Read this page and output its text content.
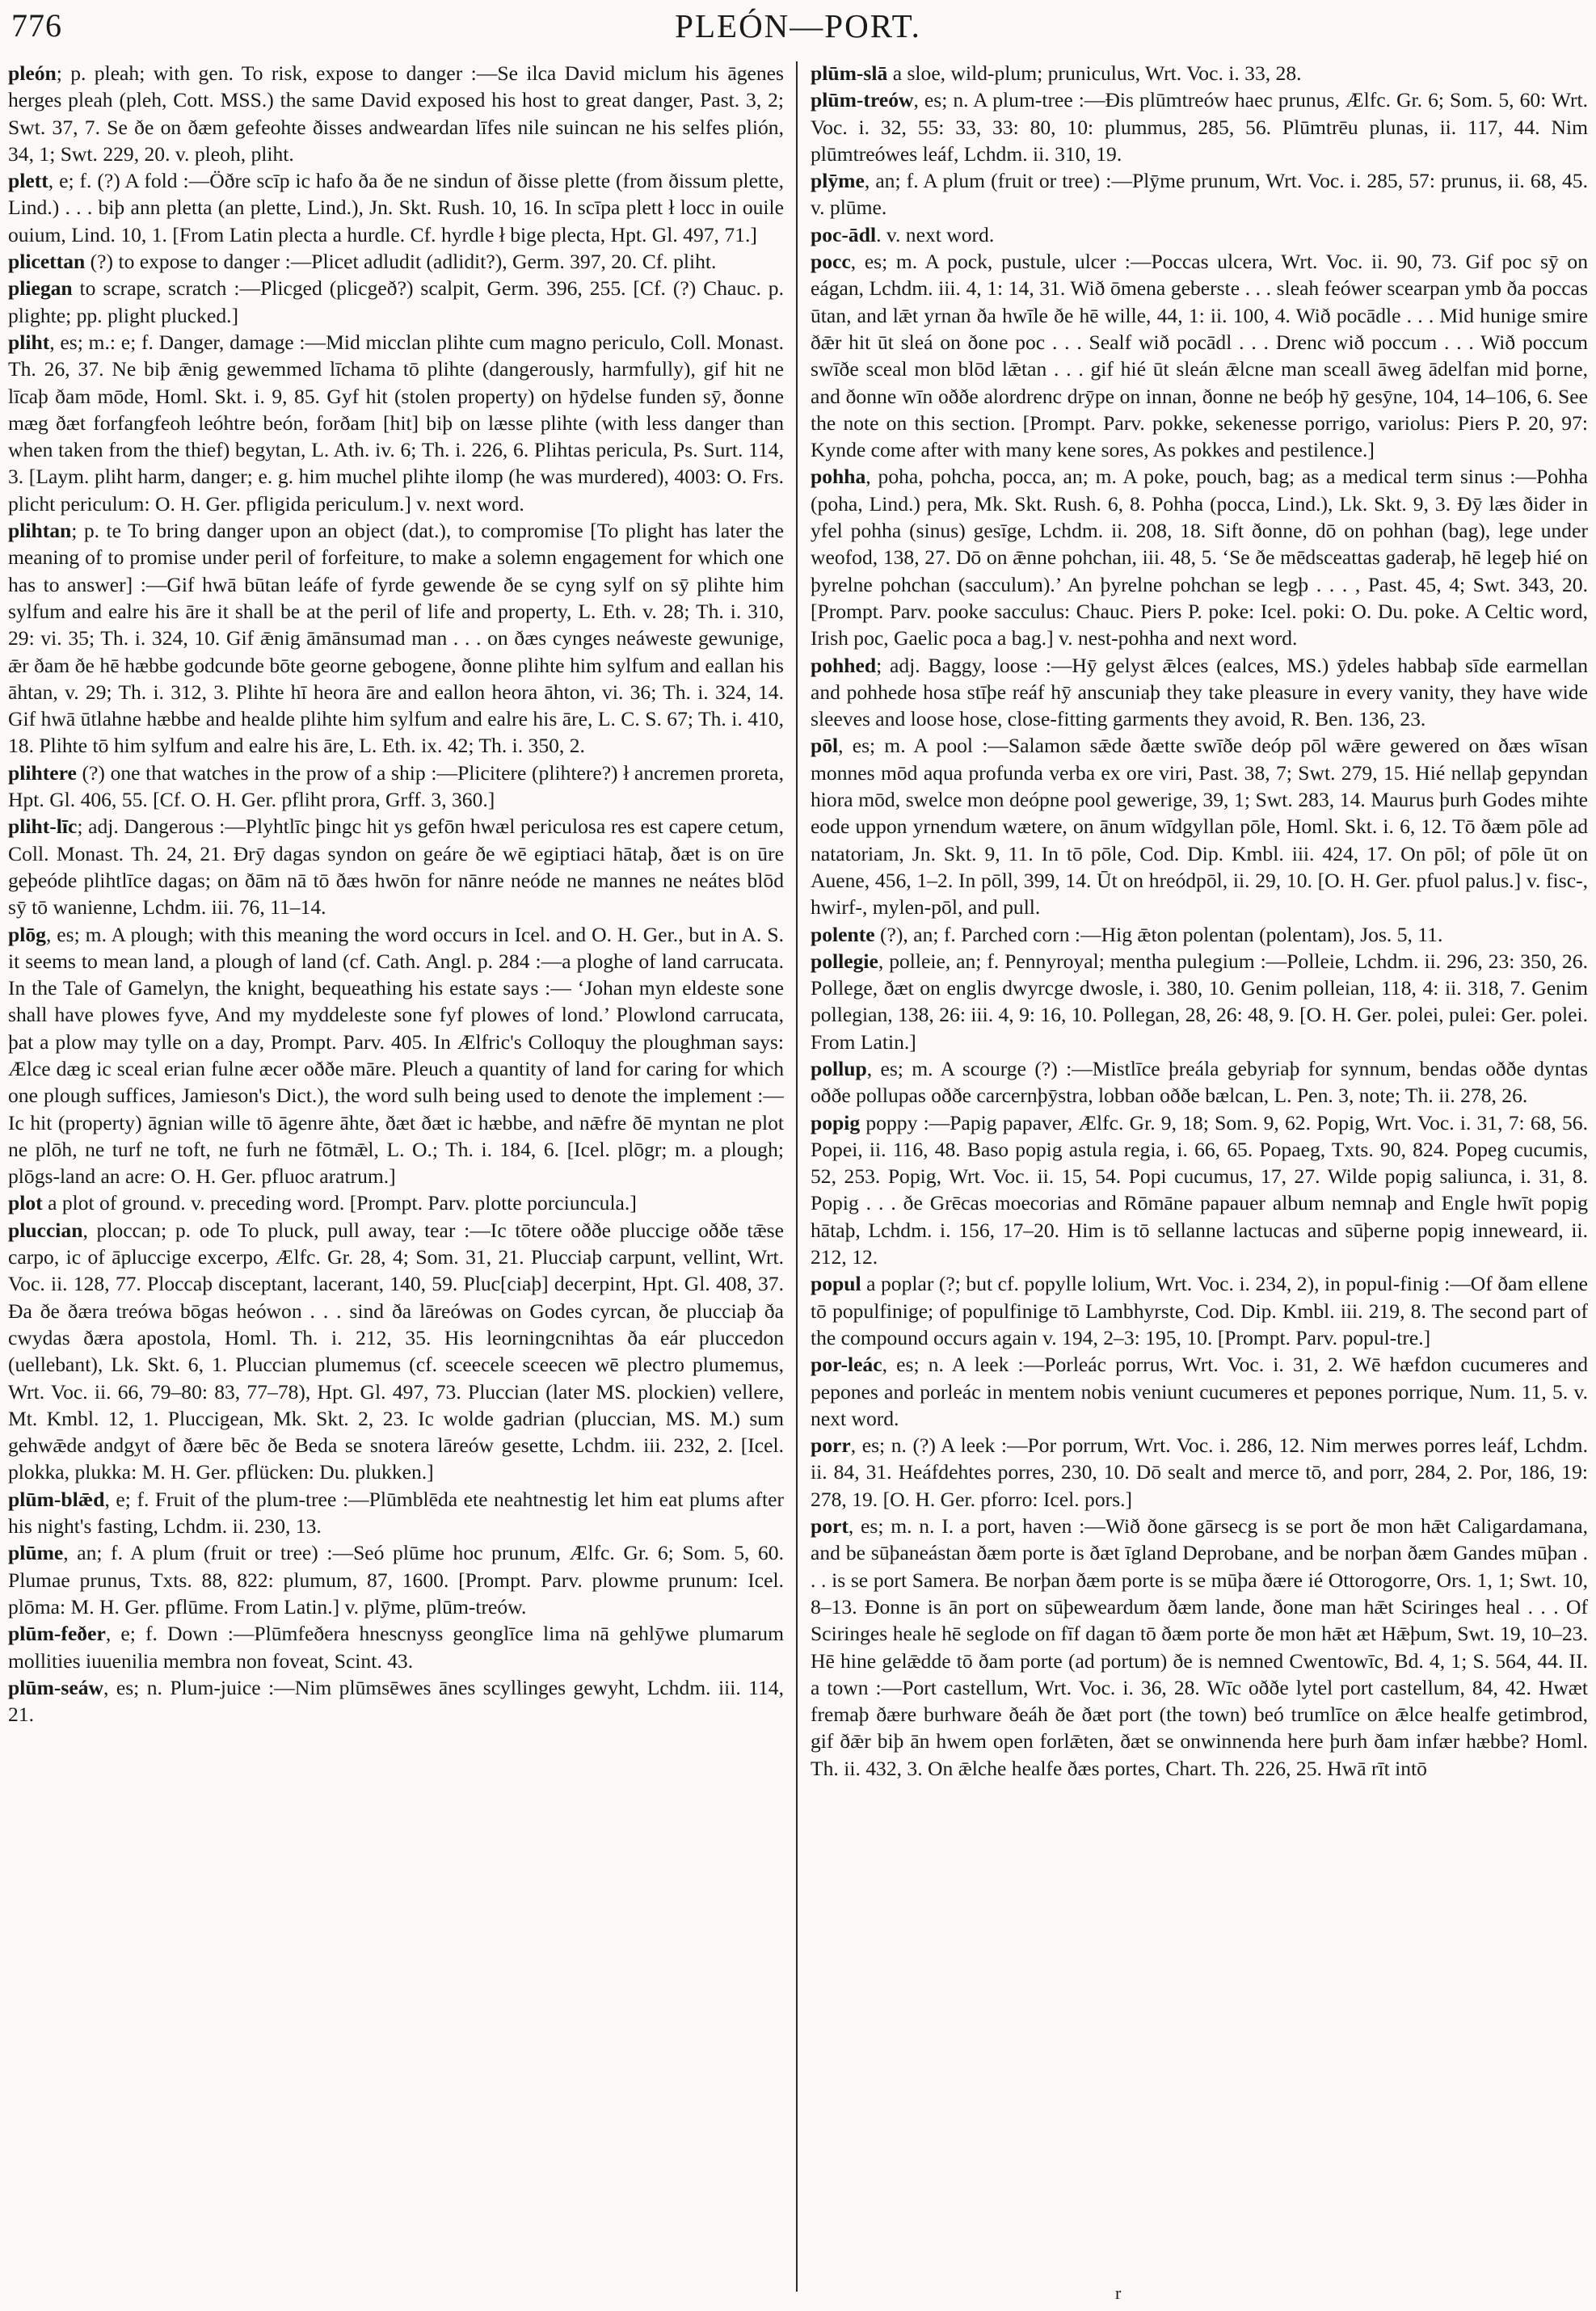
776	PLEÓN—PORT.

pleón; p. pleah; with gen. To risk, expose to danger :—Se ilca David miclum his āgenes herges pleah (pleh, Cott. MSS.) the same David exposed his host to great danger, Past. 3, 2; Swt. 37, 7. Se ðe on ðæm gefeohte ðisses andweardan līfes nile suincan ne his selfes plión, 34, 1; Swt. 229, 20. v. pleoh, pliht.

plett, e; f. (?) A fold :—Öðre scīp ic hafo ða ðe ne sindun of ðisse plette (from ðissum plette, Lind.) . . . biþ ann pletta (an plette, Lind.), Jn. Skt. Rush. 10, 16. In scīpa plett ł locc in ouile ouium, Lind. 10, 1. [From Latin plecta a hurdle. Cf. hyrdle ł bige plecta, Hpt. Gl. 497, 71.]

plicettan (?) to expose to danger :—Plicet adludit (adlidit?), Germ. 397, 20. Cf. pliht.

pliegan to scrape, scratch :—Plicged (plicgeð?) scalpit, Germ. 396, 255. [Cf. (?) Chauc. p. plighte; pp. plight plucked.]

pliht, es; m.: e; f. Danger, damage :—Mid micclan plihte cum magno periculo, Coll. Monast. Th. 26, 37. Ne biþ ǣnig gewemmed līchama tō plihte (dangerously, harmfully), gif hit ne līcaþ ðam mōde, Homl. Skt. i. 9, 85. Gyf hit (stolen property) on hȳdelse funden sȳ, ðonne mæg ðæt forfangfeoh leóhtre beón, forðam [hit] biþ on læsse plihte (with less danger than when taken from the thief) begytan, L. Ath. iv. 6; Th. i. 226, 6. Plihtas pericula, Ps. Surt. 114, 3. [Laym. pliht harm, danger; e. g. him muchel plihte ilomp (he was murdered), 4003: O. Frs. plicht periculum: O. H. Ger. pfligida periculum.] v. next word.

plihtan; p. te To bring danger upon an object (dat.), to compromise [To plight has later the meaning of to promise under peril of forfeiture, to make a solemn engagement for which one has to answer] :—Gif hwā būtan leáfe of fyrde gewende ðe se cyng sylf on sȳ plihte him sylfum and ealre his āre it shall be at the peril of life and property, L. Eth. v. 28; Th. i. 310, 29: vi. 35; Th. i. 324, 10. Gif ǣnig āmānsumad man . . . on ðæs cynges neáweste gewunige, ǣr ðam ðe hē hæbbe godcunde bōte georne gebogene, ðonne plihte him sylfum and eallan his āhtan, v. 29; Th. i. 312, 3. Plihte hī heora āre and eallon heora āhton, vi. 36; Th. i. 324, 14. Gif hwā ūtlahne hæbbe and healde plihte him sylfum and ealre his āre, L. C. S. 67; Th. i. 410, 18. Plihte tō him sylfum and ealre his āre, L. Eth. ix. 42; Th. i. 350, 2.

plihtere (?) one that watches in the prow of a ship :—Plicitere (plihtere?) ł ancremen proreta, Hpt. Gl. 406, 55. [Cf. O. H. Ger. pfliht prora, Grff. 3, 360.]

pliht-līc; adj. Dangerous :—Plyhtlīc þingc hit ys gefōn hwæl periculosa res est capere cetum, Coll. Monast. Th. 24, 21. Ðrȳ dagas syndon on geáre ðe wē egiptiaci hātaþ, ðæt is on ūre geþeóde plihtlīce dagas; on ðām nā tō ðæs hwōn for nānre neóde ne mannes ne neátes blōd sȳ tō wanienne, Lchdm. iii. 76, 11–14.

plōg, es; m. A plough; with this meaning the word occurs in Icel. and O. H. Ger., but in A. S. it seems to mean land, a plough of land (cf. Cath. Angl. p. 284 :—a ploghe of land carrucata. In the Tale of Gamelyn, the knight, bequeathing his estate says :— ‘Johan myn eldeste sone shall have plowes fyve, And my myddeleste sone fyf plowes of lond.’ Plowlond carrucata, þat a plow may tylle on a day, Prompt. Parv. 405. In Ælfric's Colloquy the ploughman says: Ælce dæg ic sceal erian fulne æcer oððe māre. Pleuch a quantity of land for caring for which one plough suffices, Jamieson's Dict.), the word sulh being used to denote the implement :—Ic hit (property) āgnian wille tō āgenre āhte, ðæt ðæt ic hæbbe, and nǣfre ðē myntan ne plot ne plōh, ne turf ne toft, ne furh ne fōtmǣl, L. O.; Th. i. 184, 6. [Icel. plōgr; m. a plough; plōgs-land an acre: O. H. Ger. pfluoc aratrum.]

plot a plot of ground. v. preceding word. [Prompt. Parv. plotte porciuncula.]

pluccian, ploccan; p. ode To pluck, pull away, tear :—Ic tōtere oððe pluccige oððe tǣse carpo, ic of āpluccige excerpo, Ælfc. Gr. 28, 4; Som. 31, 21. Plucciaþ carpunt, vellint, Wrt. Voc. ii. 128, 77. Ploccaþ disceptant, lacerant, 140, 59. Pluc[ciaþ] decerpint, Hpt. Gl. 408, 37. Ða ðe ðæra treówa bōgas heówon . . . sind ða lāreówas on Godes cyrcan, ðe plucciaþ ða cwydas ðæra apostola, Homl. Th. i. 212, 35. His leorningcnihtas ða eár pluccedon (uellebant), Lk. Skt. 6, 1. Pluccian plumemus (cf. sceecele sceecen wē plectro plumemus, Wrt. Voc. ii. 66, 79–80: 83, 77–78), Hpt. Gl. 497, 73. Pluccian (later MS. plockien) vellere, Mt. Kmbl. 12, 1. Pluccigean, Mk. Skt. 2, 23. Ic wolde gadrian (pluccian, MS. M.) sum gehwǣde andgyt of ðære bēc ðe Beda se snotera lāreów gesette, Lchdm. iii. 232, 2. [Icel. plokka, plukka: M. H. Ger. pflücken: Du. plukken.]

plūm-blǣd, e; f. Fruit of the plum-tree :—Plūmblēda ete neahtnestig let him eat plums after his night's fasting, Lchdm. ii. 230, 13.

plūme, an; f. A plum (fruit or tree) :—Seó plūme hoc prunum, Ælfc. Gr. 6; Som. 5, 60. Plumae prunus, Txts. 88, 822: plumum, 87, 1600. [Prompt. Parv. plowme prunum: Icel. plōma: M. H. Ger. pflūme. From Latin.] v. plȳme, plūm-treów.

plūm-feðer, e; f. Down :—Plūmfeðera hnescnyss geonglīce lima nā gehlȳwe plumarum mollities iuuenilia membra non foveat, Scint. 43.

plūm-seáw, es; n. Plum-juice :—Nim plūmsēwes ānes scyllinges gewyht, Lchdm. iii. 114, 21.

plūm-slā a sloe, wild-plum; pruniculus, Wrt. Voc. i. 33, 28.

plūm-treów, es; n. A plum-tree :—Ðis plūmtreów haec prunus, Ælfc. Gr. 6; Som. 5, 60: Wrt. Voc. i. 32, 55: 33, 33: 80, 10: plummus, 285, 56. Plūmtrēu plunas, ii. 117, 44. Nim plūmtreówes leáf, Lchdm. ii. 310, 19.

plȳme, an; f. A plum (fruit or tree) :—Plȳme prunum, Wrt. Voc. i. 285, 57: prunus, ii. 68, 45. v. plūme.

poc-ādl. v. next word.

pocc, es; m. A pock, pustule, ulcer :—Poccas ulcera, Wrt. Voc. ii. 90, 73. Gif poc sȳ on eágan, Lchdm. iii. 4, 1: 14, 31. Wið ōmena geberste . . . sleah feówer scearpan ymb ða poccas ūtan, and lǣt yrnan ða hwīle ðe hē wille, 44, 1: ii. 100, 4. Wið pocādle . . . Mid hunige smire ðǣr hit ūt sleá on ðone poc . . . Sealf wið pocādl . . . Drenc wið poccum . . . Wið poccum swīðe sceal mon blōd lǣtan . . . gif hié ūt sleán ǣlcne man sceall āweg ādelfan mid þorne, and ðonne wīn oððe alordrenc drȳpe on innan, ðonne ne beóþ hȳ gesȳne, 104, 14–106, 6. See the note on this section. [Prompt. Parv. pokke, sekenesse porrigo, variolus: Piers P. 20, 97: Kynde come after with many kene sores, As pokkes and pestilence.]

pohha, poha, pohcha, pocca, an; m. A poke, pouch, bag; as a medical term sinus :—Pohha (poha, Lind.) pera, Mk. Skt. Rush. 6, 8. Pohha (pocca, Lind.), Lk. Skt. 9, 3. Ðȳ læs ðider in yfel pohha (sinus) gesīge, Lchdm. ii. 208, 18. Sift ðonne, dō on pohhan (bag), lege under weofod, 138, 27. Dō on ǣnne pohchan, iii. 48, 5. ‘Se ðe mēdsceattas gaderaþ, hē legeþ hié on þyrelne pohchan (sacculum).’ An þyrelne pohchan se legþ . . . , Past. 45, 4; Swt. 343, 20. [Prompt. Parv. pooke sacculus: Chauc. Piers P. poke: Icel. poki: O. Du. poke. A Celtic word, Irish poc, Gaelic poca a bag.] v. nest-pohha and next word.

pohhed; adj. Baggy, loose :—Hȳ gelyst ǣlces (ealces, MS.) ȳdeles habbaþ sīde earmellan and pohhede hosa stīþe reáf hȳ anscuniaþ they take pleasure in every vanity, they have wide sleeves and loose hose, close-fitting garments they avoid, R. Ben. 136, 23.

pōl, es; m. A pool :—Salamon sǣde ðætte swīðe deóp pōl wǣre gewered on ðæs wīsan monnes mōd aqua profunda verba ex ore viri, Past. 38, 7; Swt. 279, 15. Hié nellaþ gepyndan hiora mōd, swelce mon deópne pool gewerige, 39, 1; Swt. 283, 14. Maurus þurh Godes mihte eode uppon yrnendum wætere, on ānum wīdgyllan pōle, Homl. Skt. i. 6, 12. Tō ðæm pōle ad natatoriam, Jn. Skt. 9, 11. In tō pōle, Cod. Dip. Kmbl. iii. 424, 17. On pōl; of pōle ūt on Auene, 456, 1–2. In pōll, 399, 14. Ūt on hreódpōl, ii. 29, 10. [O. H. Ger. pfuol palus.] v. fisc-, hwirf-, mylen-pōl, and pull.

polente (?), an; f. Parched corn :—Hig ǣton polentan (polentam), Jos. 5, 11.

pollegie, polleie, an; f. Pennyroyal; mentha pulegium :—Polleie, Lchdm. ii. 296, 23: 350, 26. Pollege, ðæt on englis dwyrcge dwosle, i. 380, 10. Genim polleian, 118, 4: ii. 318, 7. Genim pollegian, 138, 26: iii. 4, 9: 16, 10. Pollegan, 28, 26: 48, 9. [O. H. Ger. polei, pulei: Ger. polei. From Latin.]

pollup, es; m. A scourge (?) :—Mistlīce þreála gebyriaþ for synnum, bendas oððe dyntas oððe pollupas oððe carcernþȳstra, lobban oððe bælcan, L. Pen. 3, note; Th. ii. 278, 26.

popig poppy :—Papig papaver, Ælfc. Gr. 9, 18; Som. 9, 62. Popig, Wrt. Voc. i. 31, 7: 68, 56. Popei, ii. 116, 48. Baso popig astula regia, i. 66, 65. Popaeg, Txts. 90, 824. Popeg cucumis, 52, 253. Popig, Wrt. Voc. ii. 15, 54. Popi cucumus, 17, 27. Wilde popig saliunca, i. 31, 8. Popig . . . ðe Grēcas moecorias and Rōmāne papauer album nemnaþ and Engle hwīt popig hātaþ, Lchdm. i. 156, 17–20. Him is tō sellanne lactucas and sūþerne popig inneweard, ii. 212, 12.

popul a poplar (?; but cf. popylle lolium, Wrt. Voc. i. 234, 2), in popul-finig :—Of ðam ellene tō populfinige; of populfinige tō Lambhyrste, Cod. Dip. Kmbl. iii. 219, 8. The second part of the compound occurs again v. 194, 2–3: 195, 10. [Prompt. Parv. popul-tre.]

por-leác, es; n. A leek :—Porleác porrus, Wrt. Voc. i. 31, 2. Wē hæfdon cucumeres and pepones and porleác in mentem nobis veniunt cucumeres et pepones porrique, Num. 11, 5. v. next word.

porr, es; n. (?) A leek :—Por porrum, Wrt. Voc. i. 286, 12. Nim merwes porres leáf, Lchdm. ii. 84, 31. Heáfdehtes porres, 230, 10. Dō sealt and merce tō, and porr, 284, 2. Por, 186, 19: 278, 19. [O. H. Ger. pforro: Icel. pors.]

port, es; m. n. I. a port, haven :—Wið ðone gārsecg is se port ðe mon hǣt Caligardamana, and be sūþaneástan ðæm porte is ðæt īgland Deprobane, and be norþan ðæm Gandes mūþan . . . is se port Samera. Be norþan ðæm porte is se mūþa ðære ié Ottorogorre, Ors. 1, 1; Swt. 10, 8–13. Ðonne is ān port on sūþeweardum ðæm lande, ðone man hǣt Sciringes heal . . . Of Sciringes heale hē seglode on fīf dagan tō ðæm porte ðe mon hǣt æt Hǣþum, Swt. 19, 10–23. Hē hine gelǣdde tō ðam porte (ad portum) ðe is nemned Cwentowīc, Bd. 4, 1; S. 564, 44. II. a town :—Port castellum, Wrt. Voc. i. 36, 28. Wīc oððe lytel port castellum, 84, 42. Hwæt fremaþ ðære burhware ðeáh ðe ðæt port (the town) beó trumlīce on ǣlce healfe getimbrod, gif ðǣr biþ ān hwem open forlǣten, ðæt se onwinnenda here þurh ðam infær hæbbe? Homl. Th. ii. 432, 3. On ǣlche healfe ðæs portes, Chart. Th. 226, 25. Hwā rīt intō

r
